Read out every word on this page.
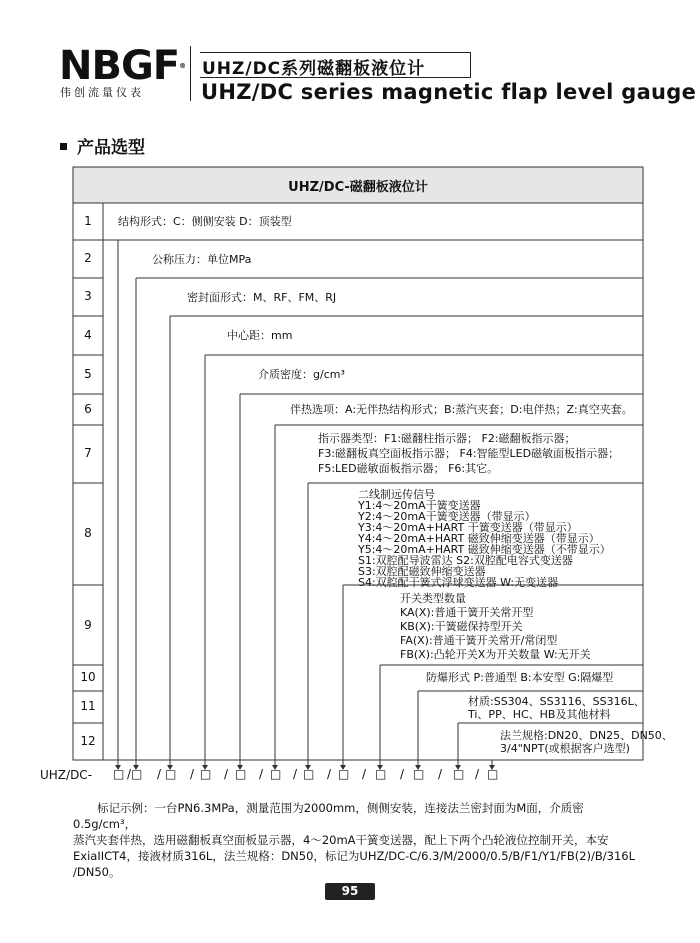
NBGF®
伟创流量仪表
UHZ/DC系列磁翻板液位计
UHZ/DC series magnetic flap level gauge
产品选型
UHZ/DC-磁翻板液位计
1
2
3
4
5
6
7
8
9
10
11
12
结构形式：C：侧侧安装 D：顶装型
公称压力：单位MPa
密封面形式：M、RF、FM、RJ
中心距：mm
介质密度：g/cm³
伴热选项：A:无伴热结构形式；B:蒸汽夹套；D:电伴热；Z:真空夹套。
指示器类型：F1:磁翻柱指示器； F2:磁翻板指示器；
F3:磁翻板真空面板指示器； F4:智能型LED磁敏面板指示器；
F5:LED磁敏面板指示器； F6:其它。
二线制远传信号
Y1:4～20mA干簧变送器
Y2:4～20mA干簧变送器（带显示）
Y3:4～20mA+HART 干簧变送器（带显示）
Y4:4～20mA+HART 磁致伸缩变送器（带显示）
Y5:4～20mA+HART 磁致伸缩变送器（不带显示）
S1:双腔配导波雷达 S2:双腔配电容式变送器
S3:双腔配磁致伸缩变送器
S4:双腔配干簧式浮球变送器 W:无变送器
开关类型数量
KA(X):普通干簧开关常开型
KB(X):干簧磁保持型开关
FA(X):普通干簧开关常开/常闭型
FB(X):凸轮开关X为开关数量 W:无开关
防爆形式 P:普通型 B:本安型 G:隔爆型
材质:SS304、SS3116、SS316L、
Ti、PP、HC、HB及其他材料
法兰规格:DN20、DN25、DN50、
3/4"NPT(或根据客户选型)
UHZ/DC- □ / □ / □ / □ / □ / □ / □ / □ / □ / □ / □ / □
标记示例：一台PN6.3MPa，测量范围为2000mm，侧侧安装，连接法兰密封面为M面，介质密0.5g/cm³，
蒸汽夹套伴热，选用磁翻板真空面板显示器，4～20mA干簧变送器，配上下两个凸轮液位控制开关，本安
ExiaIICT4，接液材质316L，法兰规格：DN50，标记为UHZ/DC-C/6.3/M/2000/0.5/B/F1/Y1/FB(2)/B/316L
/DN50。
95
